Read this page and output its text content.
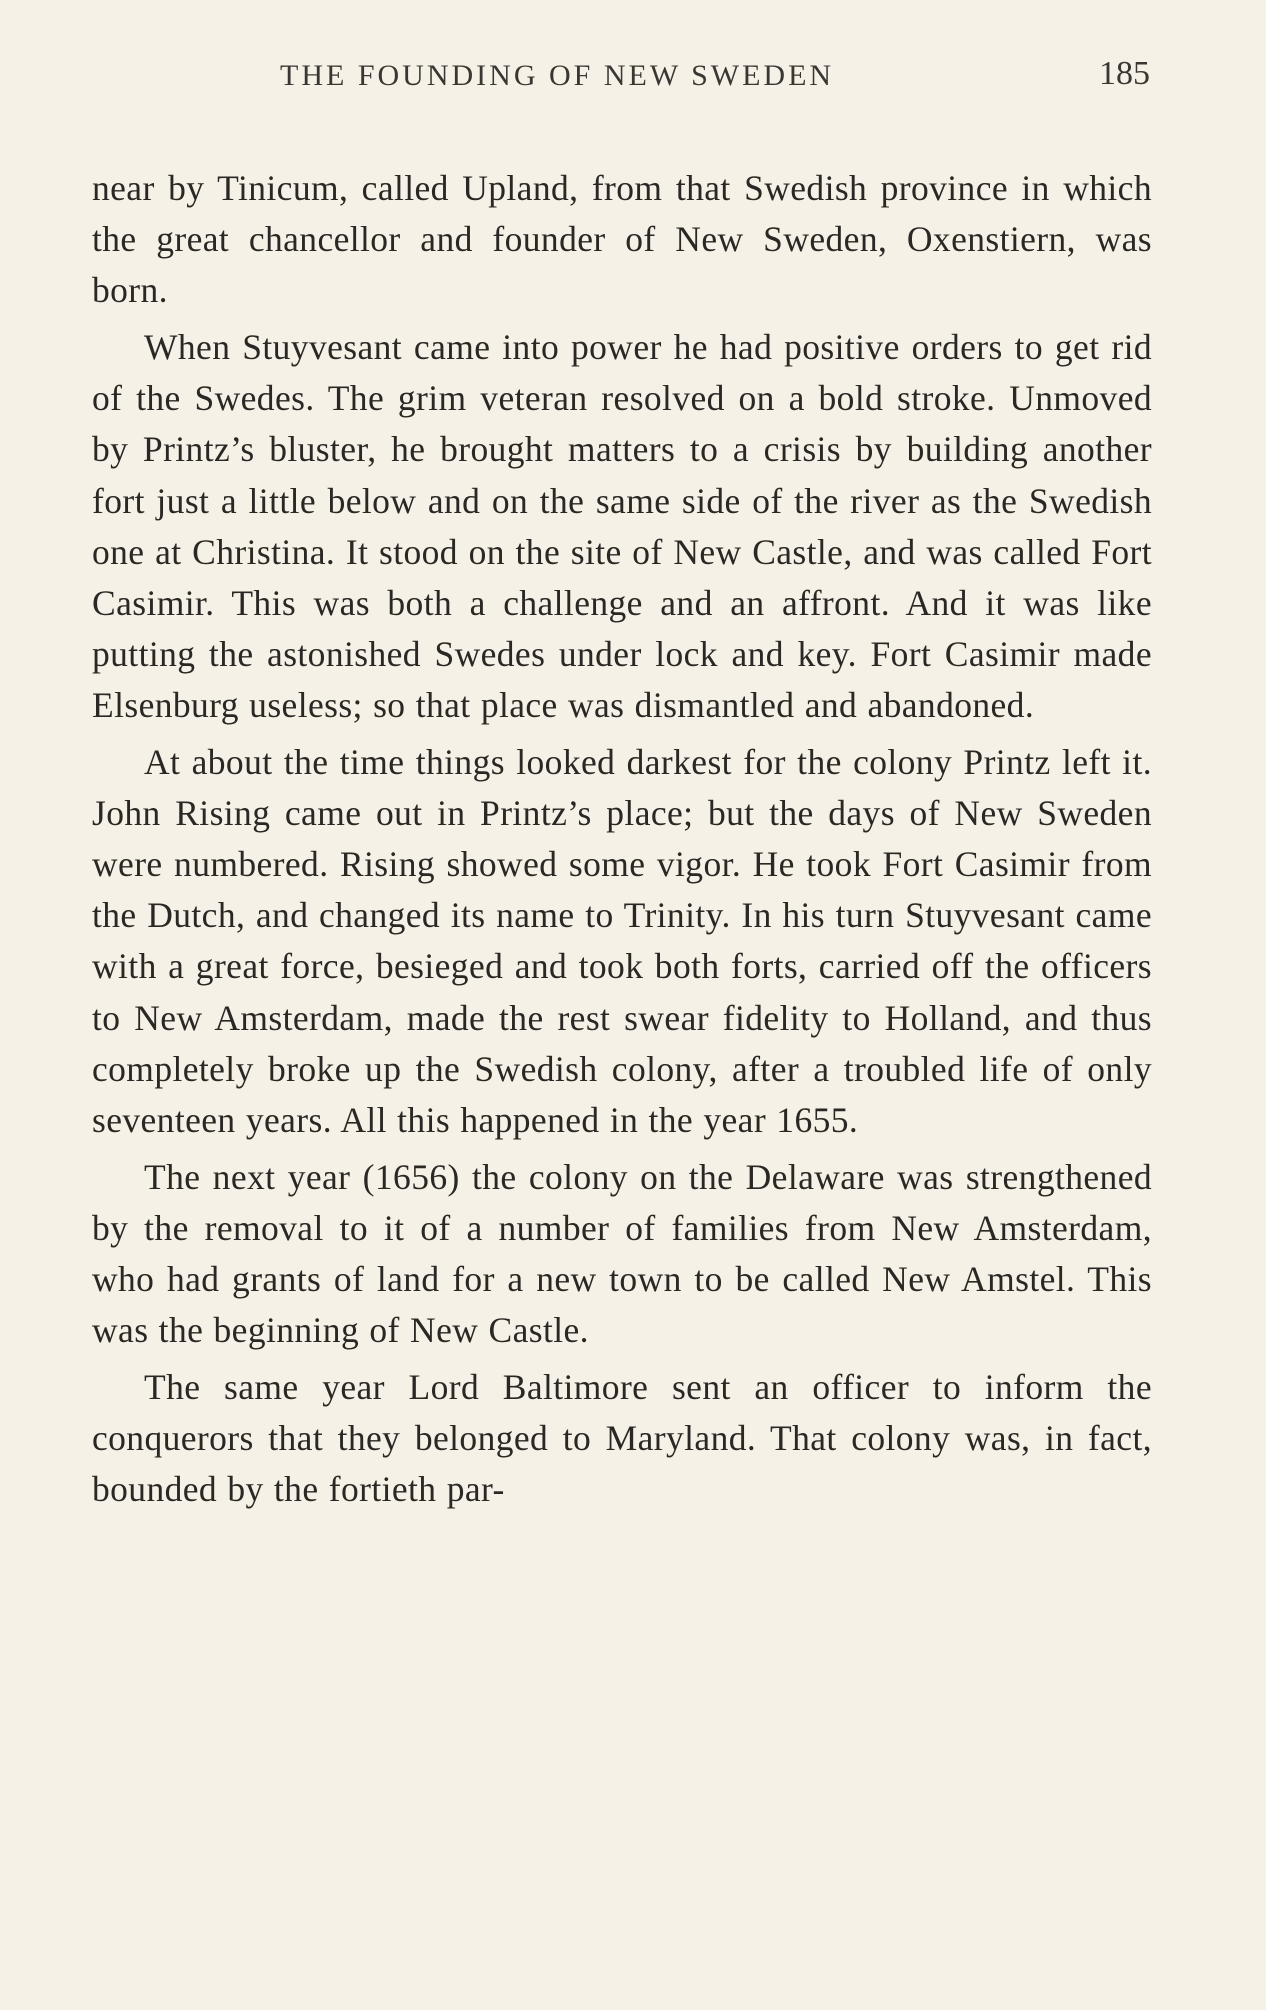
THE FOUNDING OF NEW SWEDEN	185

near by Tinicum, called Upland, from that Swedish province in which the great chancellor and founder of New Sweden, Oxenstiern, was born.

When Stuyvesant came into power he had positive orders to get rid of the Swedes. The grim veteran resolved on a bold stroke. Unmoved by Printz’s bluster, he brought matters to a crisis by building another fort just a little below and on the same side of the river as the Swedish one at Christina. It stood on the site of New Castle, and was called Fort Casimir. This was both a challenge and an affront. And it was like putting the astonished Swedes under lock and key. Fort Casimir made Elsenburg useless; so that place was dismantled and abandoned.

At about the time things looked darkest for the colony Printz left it. John Rising came out in Printz’s place; but the days of New Sweden were numbered. Rising showed some vigor. He took Fort Casimir from the Dutch, and changed its name to Trinity. In his turn Stuyvesant came with a great force, besieged and took both forts, carried off the officers to New Amsterdam, made the rest swear fidelity to Holland, and thus completely broke up the Swedish colony, after a troubled life of only seventeen years. All this happened in the year 1655.

The next year (1656) the colony on the Delaware was strengthened by the removal to it of a number of families from New Amsterdam, who had grants of land for a new town to be called New Amstel. This was the beginning of New Castle.

The same year Lord Baltimore sent an officer to inform the conquerors that they belonged to Maryland. That colony was, in fact, bounded by the fortieth par-
